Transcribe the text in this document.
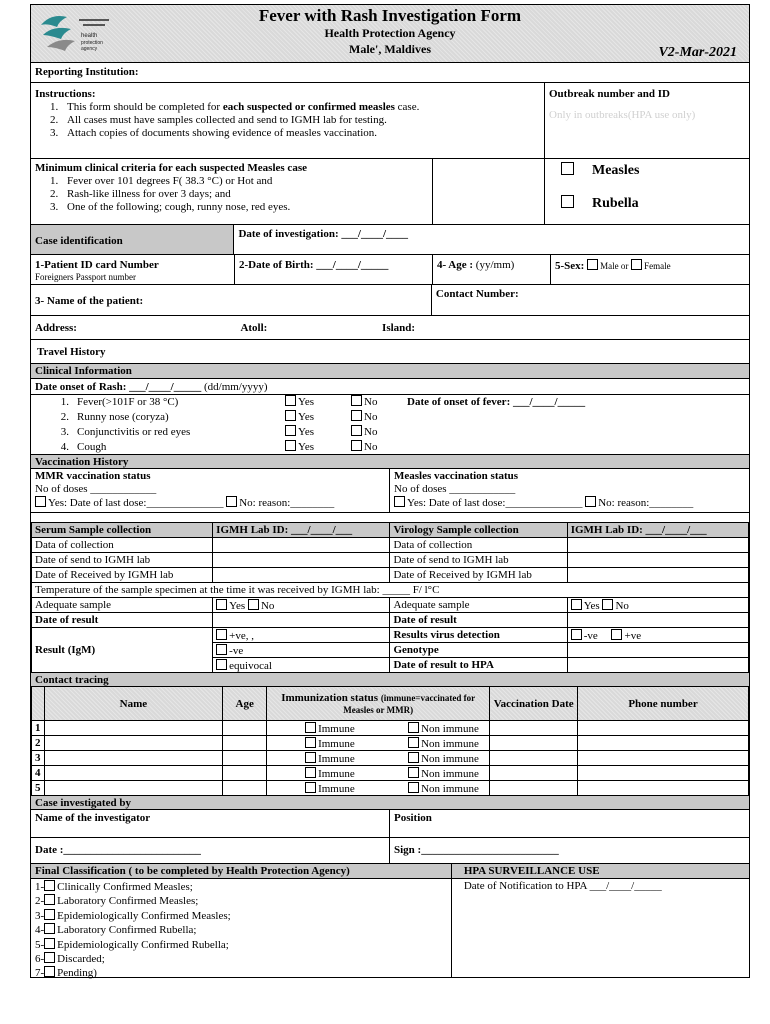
health
protection
agency
Fever with Rash Investigation Form
Health Protection Agency
Male', Maldives	V2-Mar-2021
Reporting Institution:
Instructions:
1. This form should be completed for each suspected or confirmed measles case.
2. All cases must have samples collected and send to IGMH lab for testing.
3. Attach copies of documents showing evidence of measles vaccination.
Outbreak number and ID
Only in outbreaks(HPA use only)
Minimum clinical criteria for each suspected Measles case
1. Fever over 101 degrees F( 38.3 °C) or Hot and
2. Rash-like illness for over 3 days; and
3. One of the following; cough, runny nose, red eyes.
Measles
Rubella
Case identification
Date of investigation: ___/____/____
1-Patient ID card Number
Foreigners Passport number
2-Date of Birth: ___/____/_____	4- Age : (yy/mm)	5-Sex: Male or Female
3- Name of the patient:
Contact Number:
Address:	Atoll:	Island:
Travel History
Clinical Information
Date onset of Rash: ___/____/_____ (dd/mm/yyyy)
1. Fever(>101F or 38 °C)	Yes	No
2. Runny nose (coryza)	Yes	No
3. Conjunctivitis or red eyes	Yes	No
4. Cough	Yes	No
Date of onset of fever: ___/____/_____
Vaccination History
MMR vaccination status
No of doses ____________
Yes: Date of last dose:______________ No: reason:________
Measles vaccination status
No of doses ____________
Yes: Date of last dose:______________ No: reason:________
Serum Sample collection	IGMH Lab ID: ___/____/___	Virology Sample collection	IGMH Lab ID: ___/____/___
Data of collection		Data of collection	
Date of send to IGMH lab		Date of send to IGMH lab	
Date of Received by IGMH lab		Date of Received by IGMH lab	
Temperature of the sample specimen at the time it was received by IGMH lab: _____ F/ l°C			
Adequate sample	Yes No	Adequate sample	Yes No
Date of result		Date of result	
Result (IgM)	+ve, ,	Results virus detection	-ve +ve
	-ve	Genotype	
	equivocal	Date of result to HPA	
Contact tracing
	Name	Age	Immunization status (immune=vaccinated for Measles or MMR)	Vaccination Date	Phone number
1			Immune Non immune		
2			Immune Non immune		
3			Immune Non immune		
4			Immune Non immune		
5			Immune Non immune		
Case investigated by
Name of the investigator	Position
Date :_________________________	Sign :_________________________
Final Classification ( to be completed by Health Protection Agency)
1- Clinically Confirmed Measles;
2- Laboratory Confirmed Measles;
3- Epidemiologically Confirmed Measles;
4- Laboratory Confirmed Rubella;
5- Epidemiologically Confirmed Rubella;
6- Discarded;
7- Pending)________________________________________
HPA SURVEILLANCE USE
Date of Notification to HPA ___/____/_____
